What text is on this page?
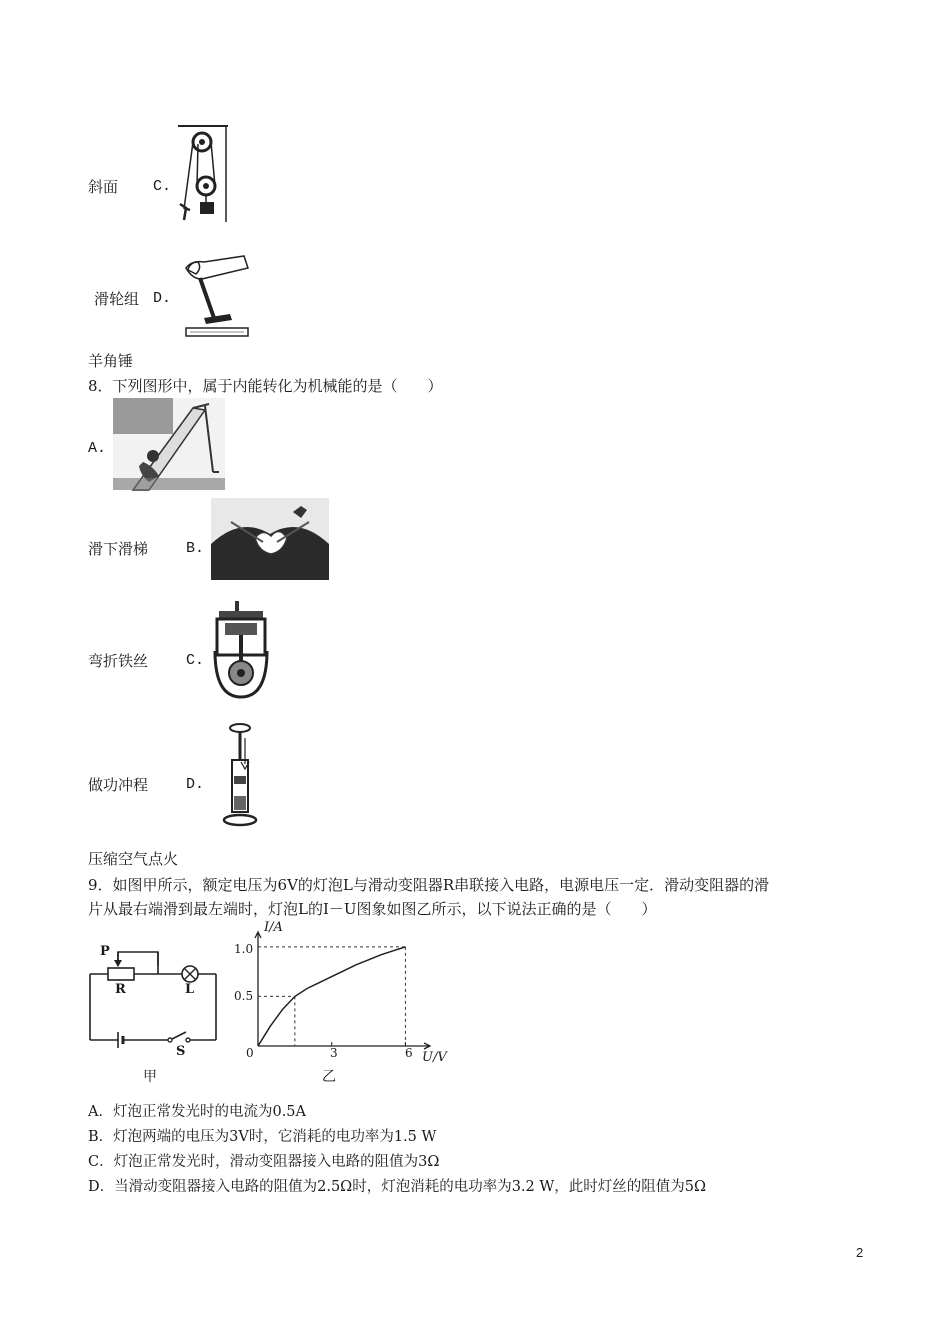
斜面 C.
滑轮组 D.
羊角锤
8．下列图形中，属于内能转化为机械能的是（　　）
A.
滑下滑梯	B.
弯折铁丝	C.
做功冲程	D.
压缩空气点火
9．如图甲所示，额定电压为6V的灯泡L与滑动变阻器R串联接入电路，电源电压一定．滑动变阻器的滑
片从最右端滑到最左端时，灯泡L的I－U图象如图乙所示，以下说法正确的是（　　）
P
R	L
S
甲
I/A
U/V
0
1.0
0.5
3	6
乙
A．灯泡正常发光时的电流为0.5A
B．灯泡两端的电压为3V时，它消耗的电功率为1.5 W
C．灯泡正常发光时，滑动变阻器接入电路的阻值为3Ω
D．当滑动变阻器接入电路的阻值为2.5Ω时，灯泡消耗的电功率为3.2 W，此时灯丝的阻值为5Ω
2
